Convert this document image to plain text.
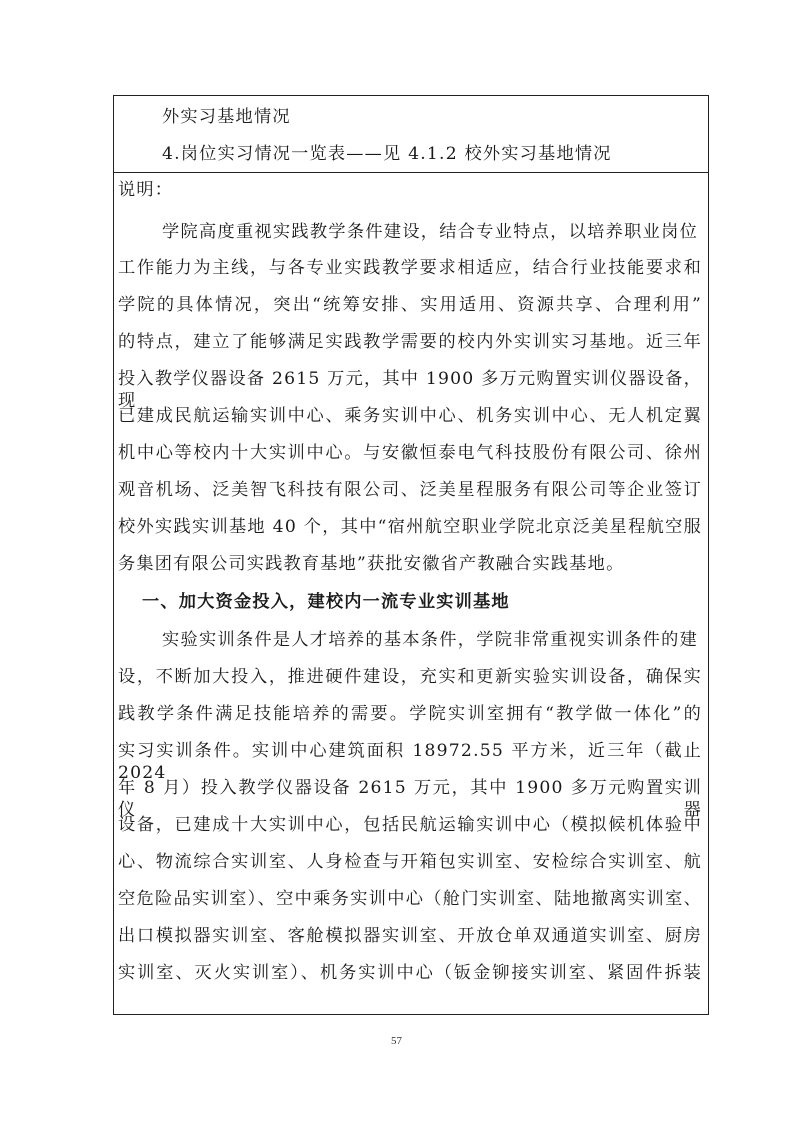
外实习基地情况
4.岗位实习情况一览表——见 4.1.2 校外实习基地情况
说明：
学院高度重视实践教学条件建设，结合专业特点，以培养职业岗位
工作能力为主线，与各专业实践教学要求相适应，结合行业技能要求和
学院的具体情况，突出“统筹安排、实用适用、资源共享、合理利用”
的特点，建立了能够满足实践教学需要的校内外实训实习基地。近三年
投入教学仪器设备 2615 万元，其中 1900 多万元购置实训仪器设备，现
已建成民航运输实训中心、乘务实训中心、机务实训中心、无人机定翼
机中心等校内十大实训中心。与安徽恒泰电气科技股份有限公司、徐州
观音机场、泛美智飞科技有限公司、泛美星程服务有限公司等企业签订
校外实践实训基地 40 个，其中“宿州航空职业学院北京泛美星程航空服
务集团有限公司实践教育基地”获批安徽省产教融合实践基地。
一、加大资金投入，建校内一流专业实训基地
实验实训条件是人才培养的基本条件，学院非常重视实训条件的建
设，不断加大投入，推进硬件建设，充实和更新实验实训设备，确保实
践教学条件满足技能培养的需要。学院实训室拥有“教学做一体化”的
实习实训条件。实训中心建筑面积 18972.55 平方米，近三年（截止 2024
年 8 月）投入教学仪器设备 2615 万元，其中 1900 多万元购置实训仪器
设备，已建成十大实训中心，包括民航运输实训中心（模拟候机体验中
心、物流综合实训室、人身检查与开箱包实训室、安检综合实训室、航
空危险品实训室）、空中乘务实训中心（舱门实训室、陆地撤离实训室、
出口模拟器实训室、客舱模拟器实训室、开放仓单双通道实训室、厨房
实训室、灭火实训室）、机务实训中心（钣金铆接实训室、紧固件拆装
57
